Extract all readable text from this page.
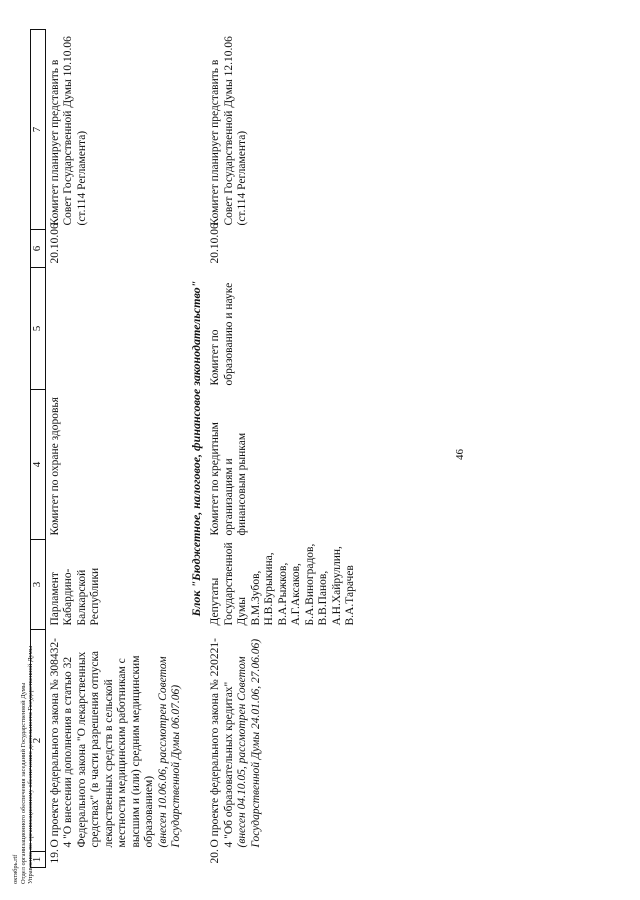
46
1	2	3	4	5	6	7
19.	О проекте федерального закона № 308432-4 "О внесении дополнения в статью 32 Федерального закона "О лекарственных средствах" (в части разрешения отпуска лекарственных средств в сельской местности медицинским работникам с высшим и (или) средним медицинским образованием) (внесен 10.06.06, рассмотрен Советом Государственной Думы 06.07.06)	Парламент Кабардино-Балкарской Республики	Комитет по охране здоровья		20.10.06	Комитет планирует представить в Совет Государственной Думы 10.10.06 (ст.114 Регламента)
Блок "Бюджетное, налоговое, финансовое законодательство"						
20.	О проекте федерального закона № 220221-4 "Об образовательных кредитах" (внесен 04.10.05, рассмотрен Советом Государственной Думы 24.01.06, 27.06.06)	Депутаты Государственной Думы В.М.Зубов, Н.В.Бурыкина, В.А.Рыжков, А.Г.Аксаков, Б.А.Виноградов, В.В.Панов, А.Н.Хайруллин, В.А.Тарачев	Комитет по кредитным организациям и финансовым рынкам	Комитет по образованию и науке	20.10.06	Комитет планирует представить в Совет Государственной Думы 12.10.06 (ст.114 Регламента)
октябрь.rtf Отдел организационного обеспечения заседаний Государственной Думы Управление по организационному обеспечению деятельности Государственной Думы
